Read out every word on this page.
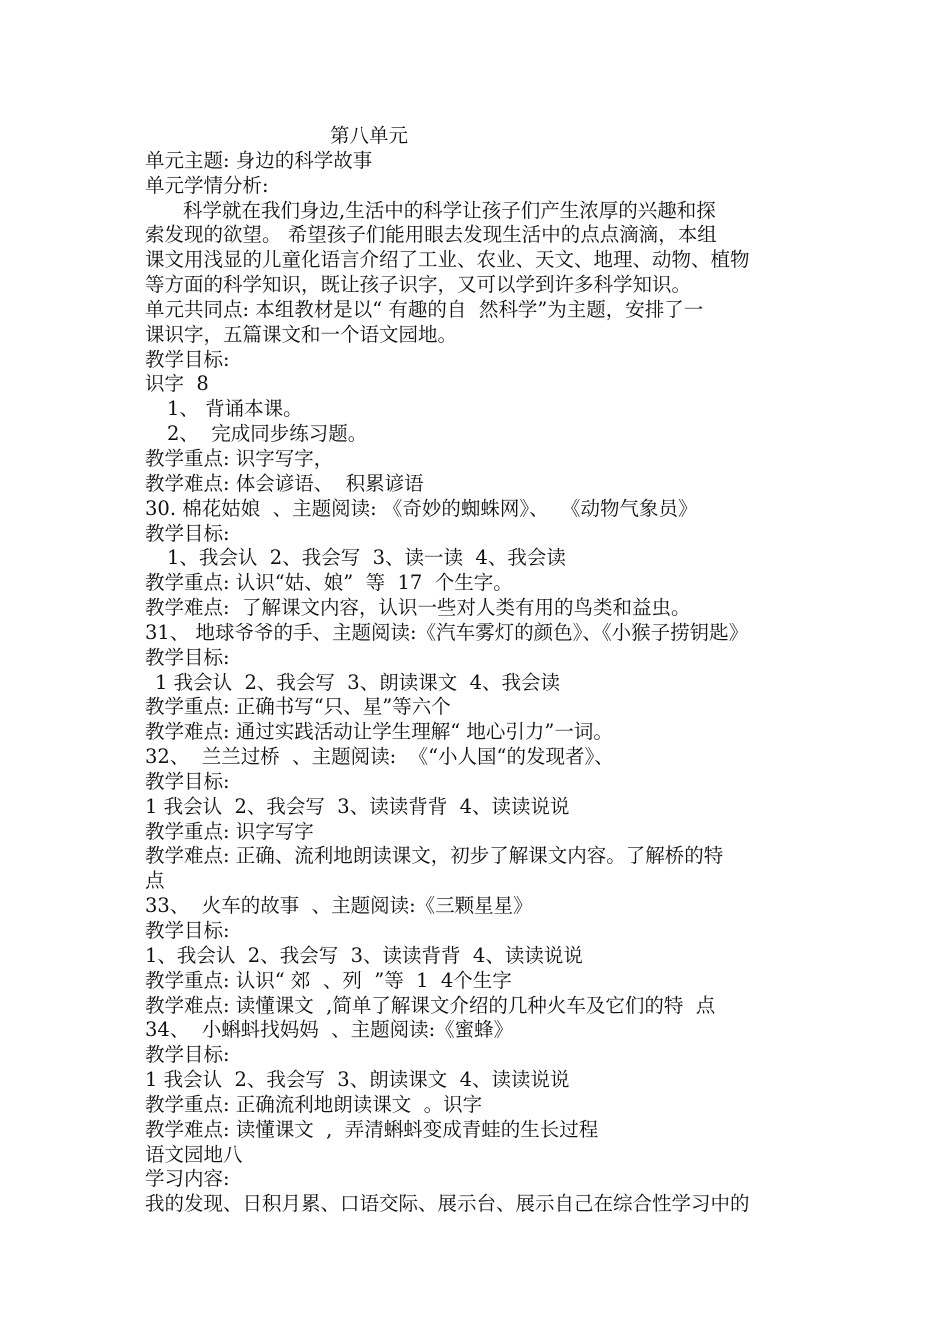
第八单元
单元主题: 身边的科学故事
单元学情分析:
科学就在我们身边,生活中的科学让孩子们产生浓厚的兴趣和探
索发现的欲望。 希望孩子们能用眼去发现生活中的点点滴滴，本组
课文用浅显的儿童化语言介绍了工业、农业、天文、地理、动物、植物
等方面的科学知识，既让孩子识字，又可以学到许多科学知识。
单元共同点: 本组教材是以“ 有趣的自  然科学”为主题，安排了一
课识字，五篇课文和一个语文园地。
教学目标:
识字  8
1、 背诵本课。
2、  完成同步练习题。
教学重点: 识字写字，
教学难点: 体会谚语、  积累谚语
30. 棉花姑娘  、主题阅读: 《奇妙的蜘蛛网》、  《动物气象员》
教学目标:
1、我会认  2、我会写  3、读一读  4、我会读
教学重点: 认识“姑、娘”  等  17  个生字。
教学难点:  了解课文内容，认识一些对人类有用的鸟类和益虫。
31、 地球爷爷的手、主题阅读:《汽车雾灯的颜色》、《小猴子捞钥匙》
教学目标:
1 我会认  2、我会写  3、朗读课文  4、我会读
教学重点: 正确书写“只、星”等六个
教学难点: 通过实践活动让学生理解“ 地心引力”一词。
32、  兰兰过桥  、主题阅读:  《“小人国“的发现者》、
教学目标:
1 我会认  2、我会写  3、读读背背  4、读读说说
教学重点: 识字写字
教学难点: 正确、流利地朗读课文，初步了解课文内容。了解桥的特
点
33、  火车的故事  、主题阅读:《三颗星星》
教学目标:
1、我会认  2、我会写  3、读读背背  4、读读说说
教学重点: 认识“ 郊  、列  ”等  1  4个生字
教学难点: 读懂课文  ,简单了解课文介绍的几种火车及它们的特  点
34、  小蝌蚪找妈妈  、主题阅读:《蜜蜂》
教学目标:
1 我会认  2、我会写  3、朗读课文  4、读读说说
教学重点: 正确流利地朗读课文  。识字
教学难点: 读懂课文  ,  弄清蝌蚪变成青蛙的生长过程
语文园地八
学习内容:
我的发现、日积月累、口语交际、展示台、展示自己在综合性学习中的
